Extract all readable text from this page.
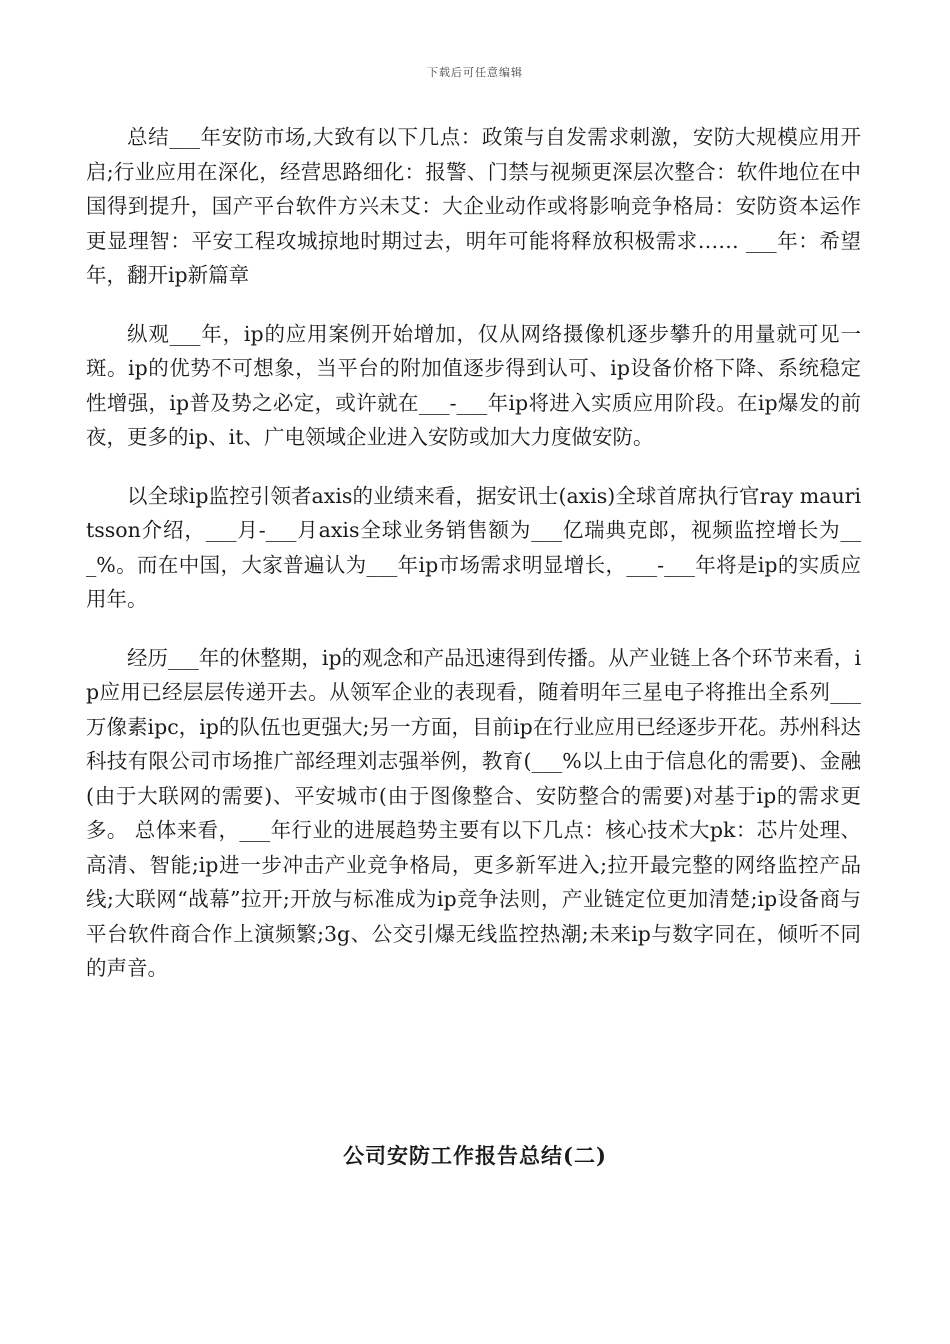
下载后可任意编辑

总结___年安防市场,大致有以下几点：政策与自发需求刺激，安防大规模应用开启;行业应用在深化，经营思路细化：报警、门禁与视频更深层次整合：软件地位在中国得到提升，国产平台软件方兴未艾：大企业动作或将影响竞争格局：安防资本运作更显理智：平安工程攻城掠地时期过去，明年可能将释放积极需求…… ___年：希望年，翻开ip新篇章

纵观___年，ip的应用案例开始增加，仅从网络摄像机逐步攀升的用量就可见一斑。ip的优势不可想象，当平台的附加值逐步得到认可、ip设备价格下降、系统稳定性增强，ip普及势之必定，或许就在___-___年ip将进入实质应用阶段。在ip爆发的前夜，更多的ip、it、广电领域企业进入安防或加大力度做安防。

以全球ip监控引领者axis的业绩来看，据安讯士(axis)全球首席执行官ray mauritsson介绍，___月-___月axis全球业务销售额为___亿瑞典克郎，视频监控增长为___%。而在中国，大家普遍认为___年ip市场需求明显增长，___-___年将是ip的实质应用年。

经历___年的休整期，ip的观念和产品迅速得到传播。从产业链上各个环节来看，ip应用已经层层传递开去。从领军企业的表现看，随着明年三星电子将推出全系列___万像素ipc，ip的队伍也更强大;另一方面，目前ip在行业应用已经逐步开花。苏州科达科技有限公司市场推广部经理刘志强举例，教育(___%以上由于信息化的需要)、金融(由于大联网的需要)、平安城市(由于图像整合、安防整合的需要)对基于ip的需求更多。 总体来看，___年行业的进展趋势主要有以下几点：核心技术大pk：芯片处理、高清、智能;ip进一步冲击产业竞争格局，更多新军进入;拉开最完整的网络监控产品线;大联网“战幕”拉开;开放与标准成为ip竞争法则，产业链定位更加清楚;ip设备商与平台软件商合作上演频繁;3g、公交引爆无线监控热潮;未来ip与数字同在，倾听不同的声音。

公司安防工作报告总结(二)
